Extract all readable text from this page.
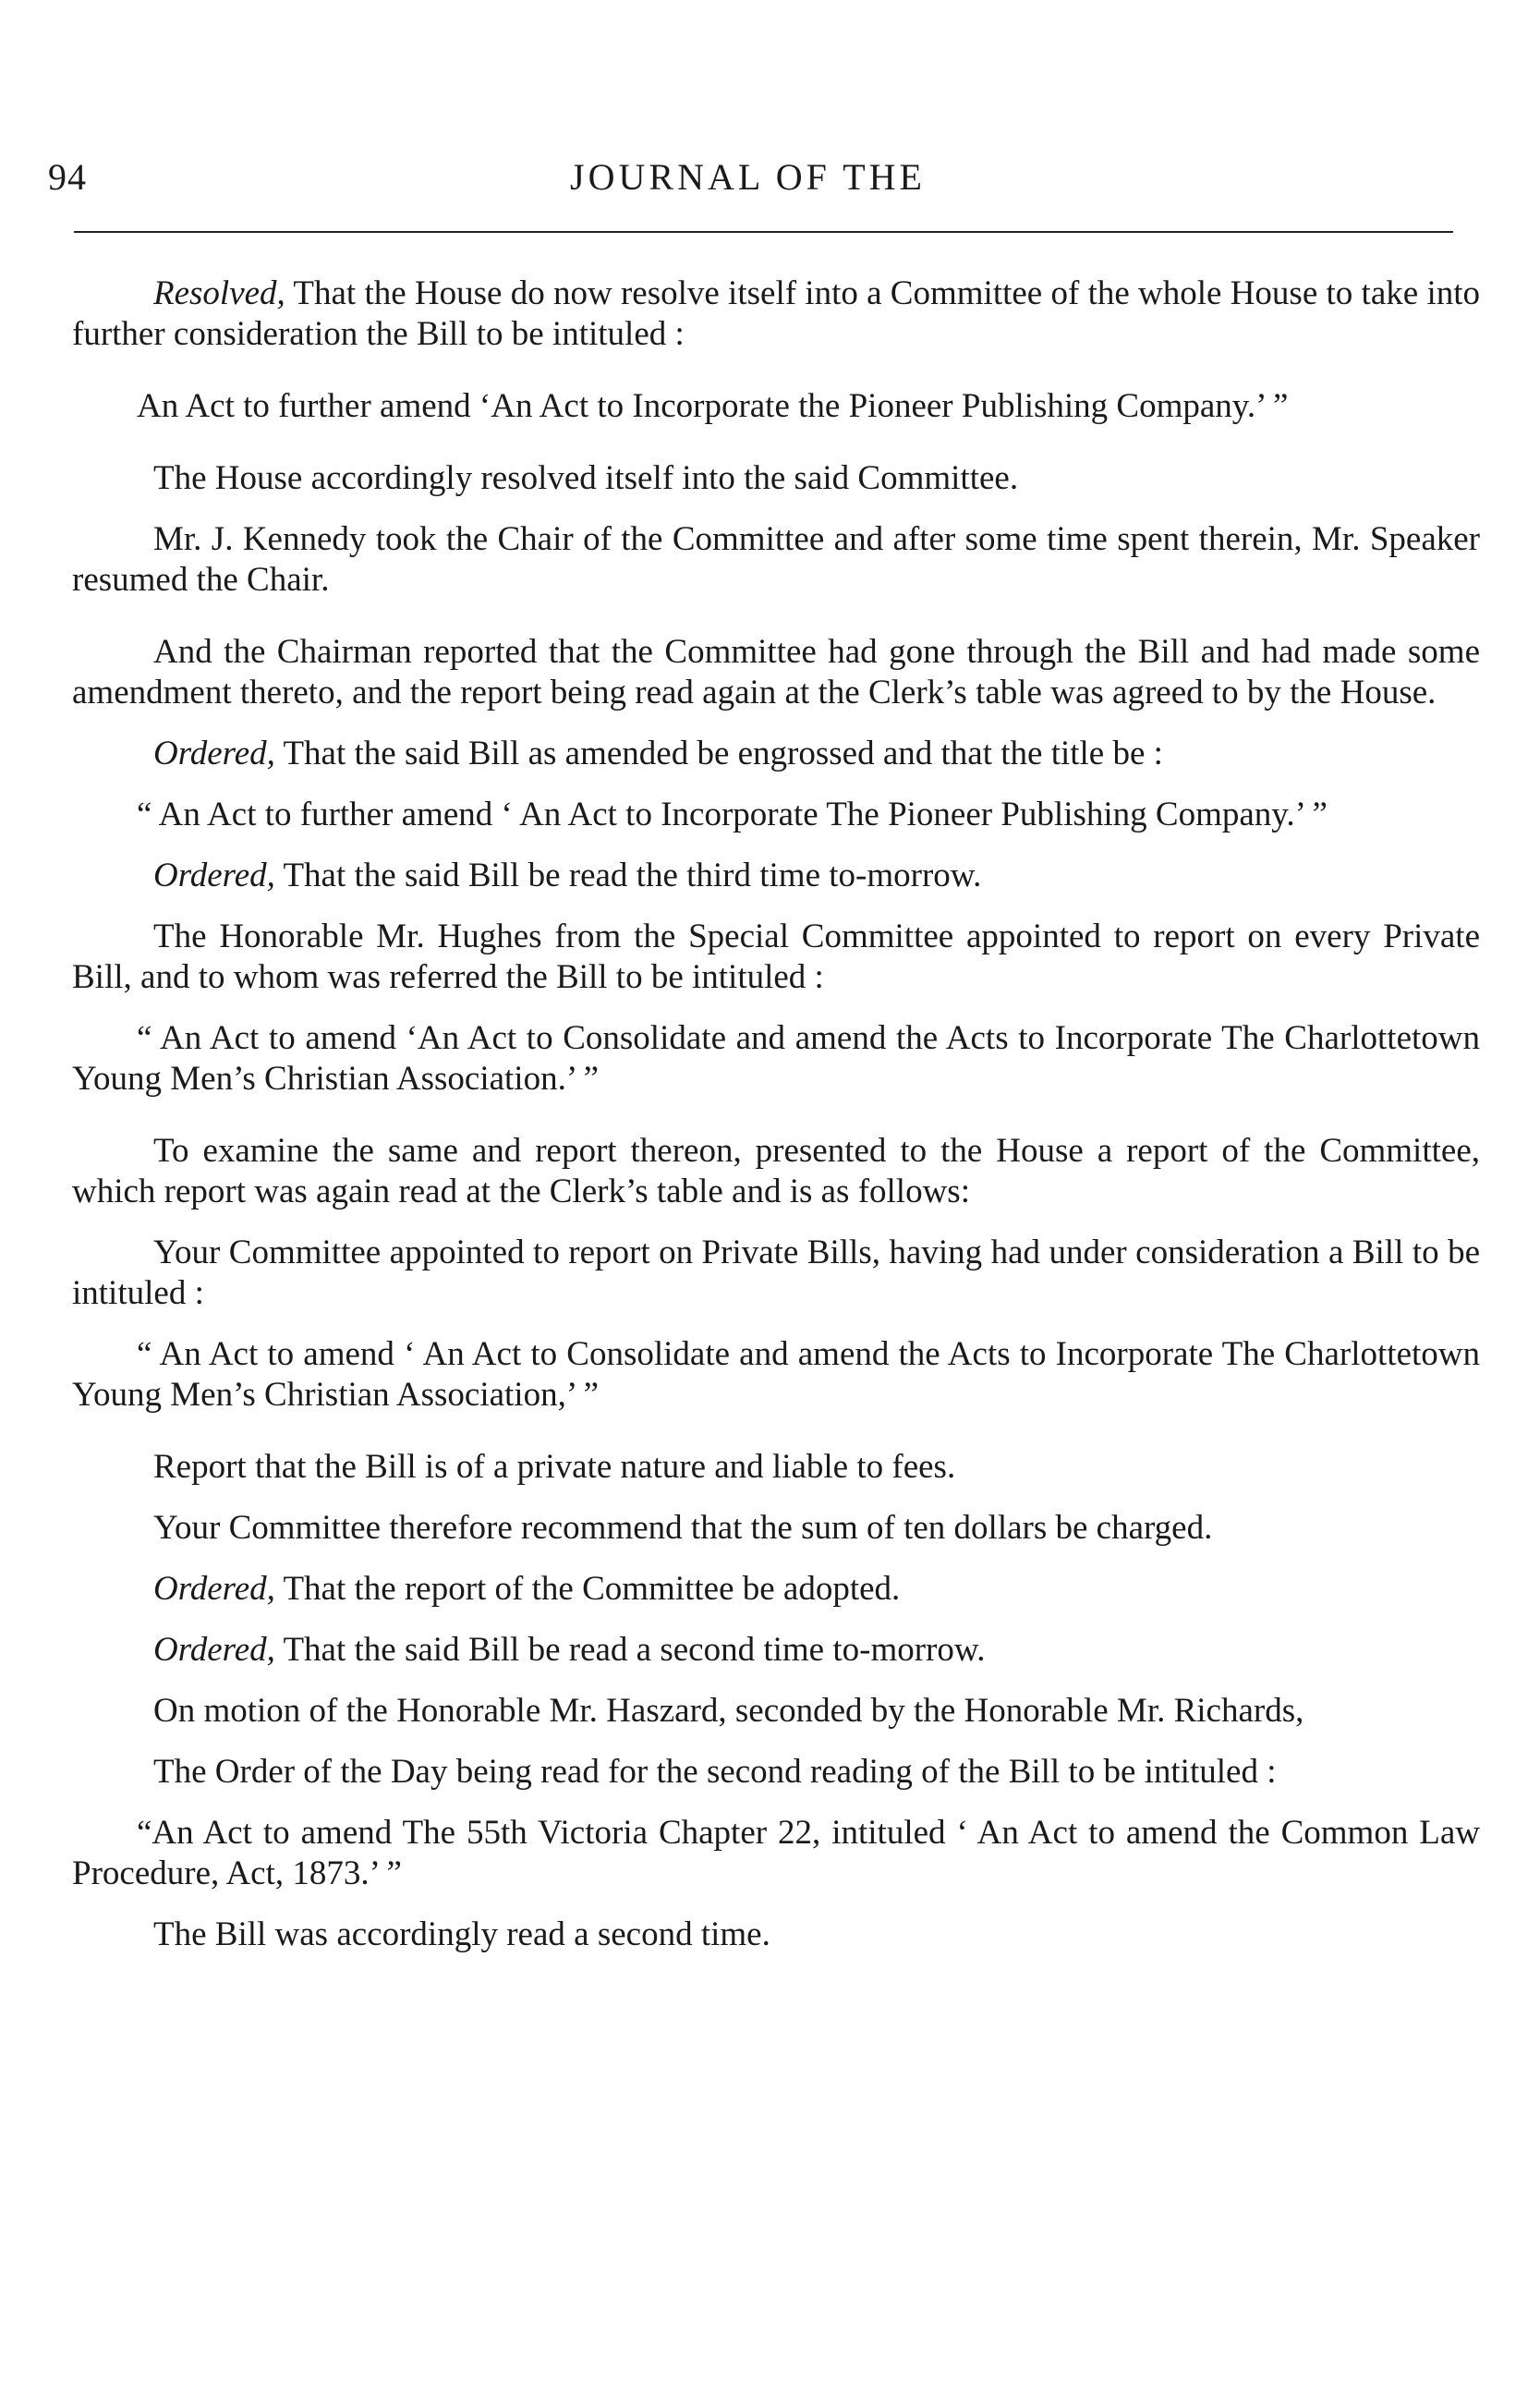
94	JOURNAL OF THE

Resolved, That the House do now resolve itself into a Committee of the whole House to take into further consideration the Bill to be intituled :

An Act to further amend ‘An Act to Incorporate the Pioneer Publishing Company.’ ”

The House accordingly resolved itself into the said Committee.

Mr. J. Kennedy took the Chair of the Committee and after some time spent therein, Mr. Speaker resumed the Chair.

And the Chairman reported that the Committee had gone through the Bill and had made some amendment thereto, and the report being read again at the Clerk’s table was agreed to by the House.

Ordered, That the said Bill as amended be engrossed and that the title be :

“ An Act to further amend ‘ An Act to Incorporate The Pioneer Publishing Company.’ ”

Ordered, That the said Bill be read the third time to-morrow.

The Honorable Mr. Hughes from the Special Committee appointed to report on every Private Bill, and to whom was referred the Bill to be intituled :

“ An Act to amend ‘An Act to Consolidate and amend the Acts to Incorporate The Charlottetown Young Men’s Christian Association.’ ”

To examine the same and report thereon, presented to the House a report of the Committee, which report was again read at the Clerk’s table and is as follows:

Your Committee appointed to report on Private Bills, having had under consideration a Bill to be intituled :

“ An Act to amend ‘ An Act to Consolidate and amend the Acts to Incorporate The Charlottetown Young Men’s Christian Association,’ ”

Report that the Bill is of a private nature and liable to fees.

Your Committee therefore recommend that the sum of ten dollars be charged.

Ordered, That the report of the Committee be adopted.

Ordered, That the said Bill be read a second time to-morrow.

On motion of the Honorable Mr. Haszard, seconded by the Honorable Mr. Richards,

The Order of the Day being read for the second reading of the Bill to be intituled :

“An Act to amend The 55th Victoria Chapter 22, intituled ‘ An Act to amend the Common Law Procedure, Act, 1873.’ ”

The Bill was accordingly read a second time.
